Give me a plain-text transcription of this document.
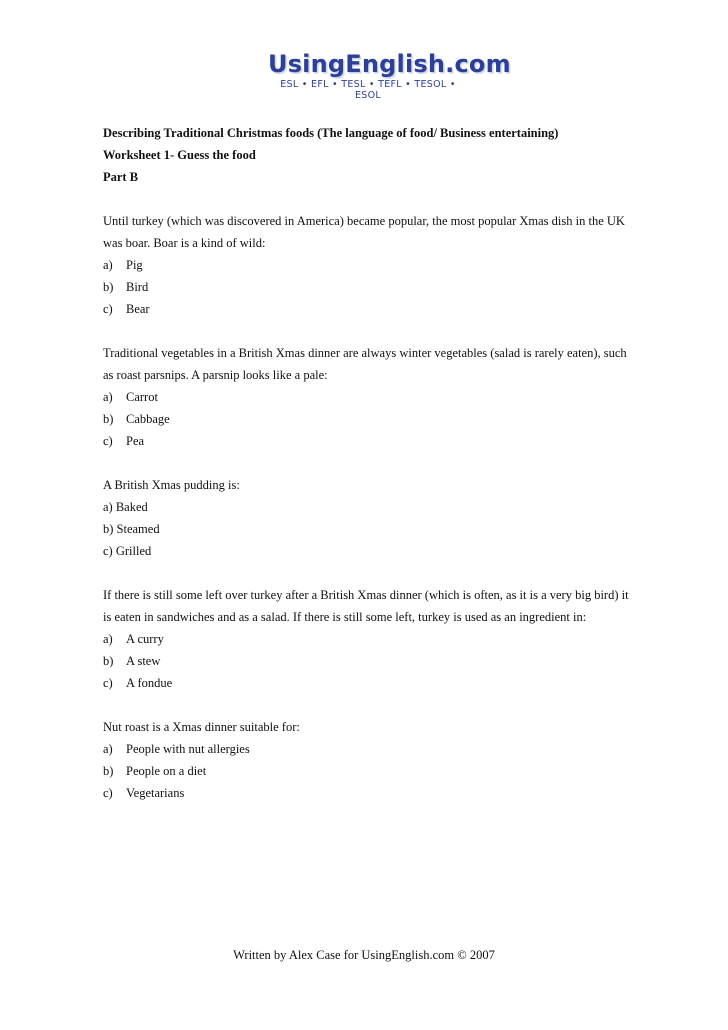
UsingEnglish.com
ESL • EFL • TESL • TEFL • TESOL • ESOL
Describing Traditional Christmas foods (The language of food/ Business entertaining)
Worksheet 1- Guess the food
Part B
Until turkey (which was discovered in America) became popular, the most popular Xmas dish in the UK
was boar. Boar is a kind of wild:
a)	Pig
b)	Bird
c)	Bear
Traditional vegetables in a British Xmas dinner are always winter vegetables (salad is rarely eaten), such
as roast parsnips. A parsnip looks like a pale:
a)	Carrot
b)	Cabbage
c)	Pea
A British Xmas pudding is:
a) Baked
b) Steamed
c) Grilled
If there is still some left over turkey after a British Xmas dinner (which is often, as it is a very big bird) it
is eaten in sandwiches and as a salad. If there is still some left, turkey is used as an ingredient in:
a)	A curry
b)	A stew
c)	A fondue
Nut roast is a Xmas dinner suitable for:
a)	People with nut allergies
b)	People on a diet
c)	Vegetarians
Written by Alex Case for UsingEnglish.com © 2007
